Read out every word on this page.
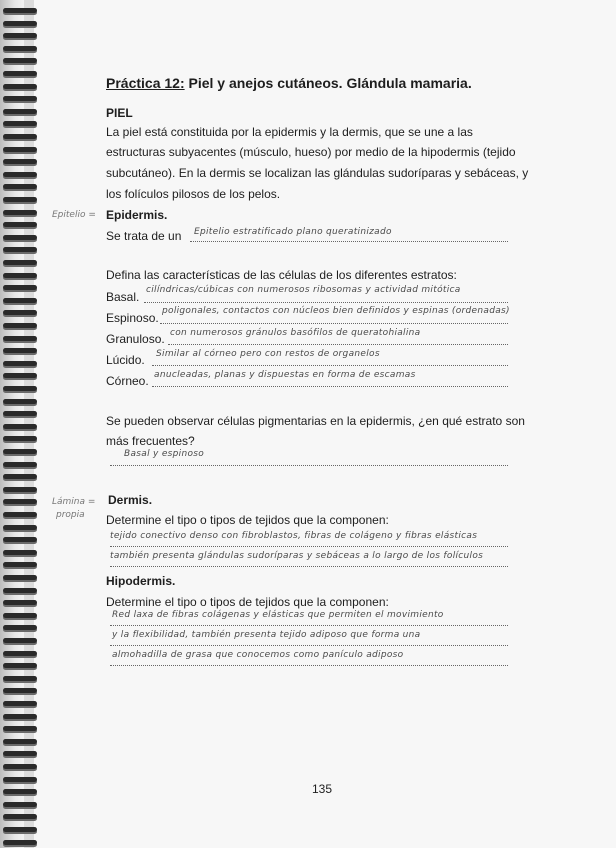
Práctica 12: Piel y anejos cutáneos. Glándula mamaria.
PIEL
La piel está constituida por la epidermis y la dermis, que se une a las
estructuras subyacentes (músculo, hueso) por medio de la hipodermis (tejido
subcutáneo). En la dermis se localizan las glándulas sudoríparas y sebáceas, y
los folículos pilosos de los pelos.
Epitelio = Epidermis.
Se trata de un Epitelio estratificado plano queratinizado
Defina las características de las células de los diferentes estratos:
Basal. cilíndricas/cúbicas con numerosos ribosomas y actividad mitótica
Espinoso. poligonales, contactos con núcleos bien definidos y espinas (ordenadas)
Granuloso. con numerosos gránulos basófilos de queratohialina
Lúcido. Similar al córneo pero con restos de organelos
Córneo. anucleadas, planas y dispuestas en forma de escamas
Se pueden observar células pigmentarias en la epidermis, ¿en qué estrato son
más frecuentes?
Basal y espinoso
Lámina =
propia
Dermis.
Determine el tipo o tipos de tejidos que la componen:
tejido conectivo denso con fibroblastos, fibras de colágeno y fibras elásticas
también presenta glándulas sudoríparas y sebáceas a lo largo de los folículos
Hipodermis.
Determine el tipo o tipos de tejidos que la componen:
Red laxa de fibras colágenas y elásticas que permiten el movimiento
y la flexibilidad, también presenta tejido adiposo que forma una
almohadilla de grasa que conocemos como panículo adiposo
135
